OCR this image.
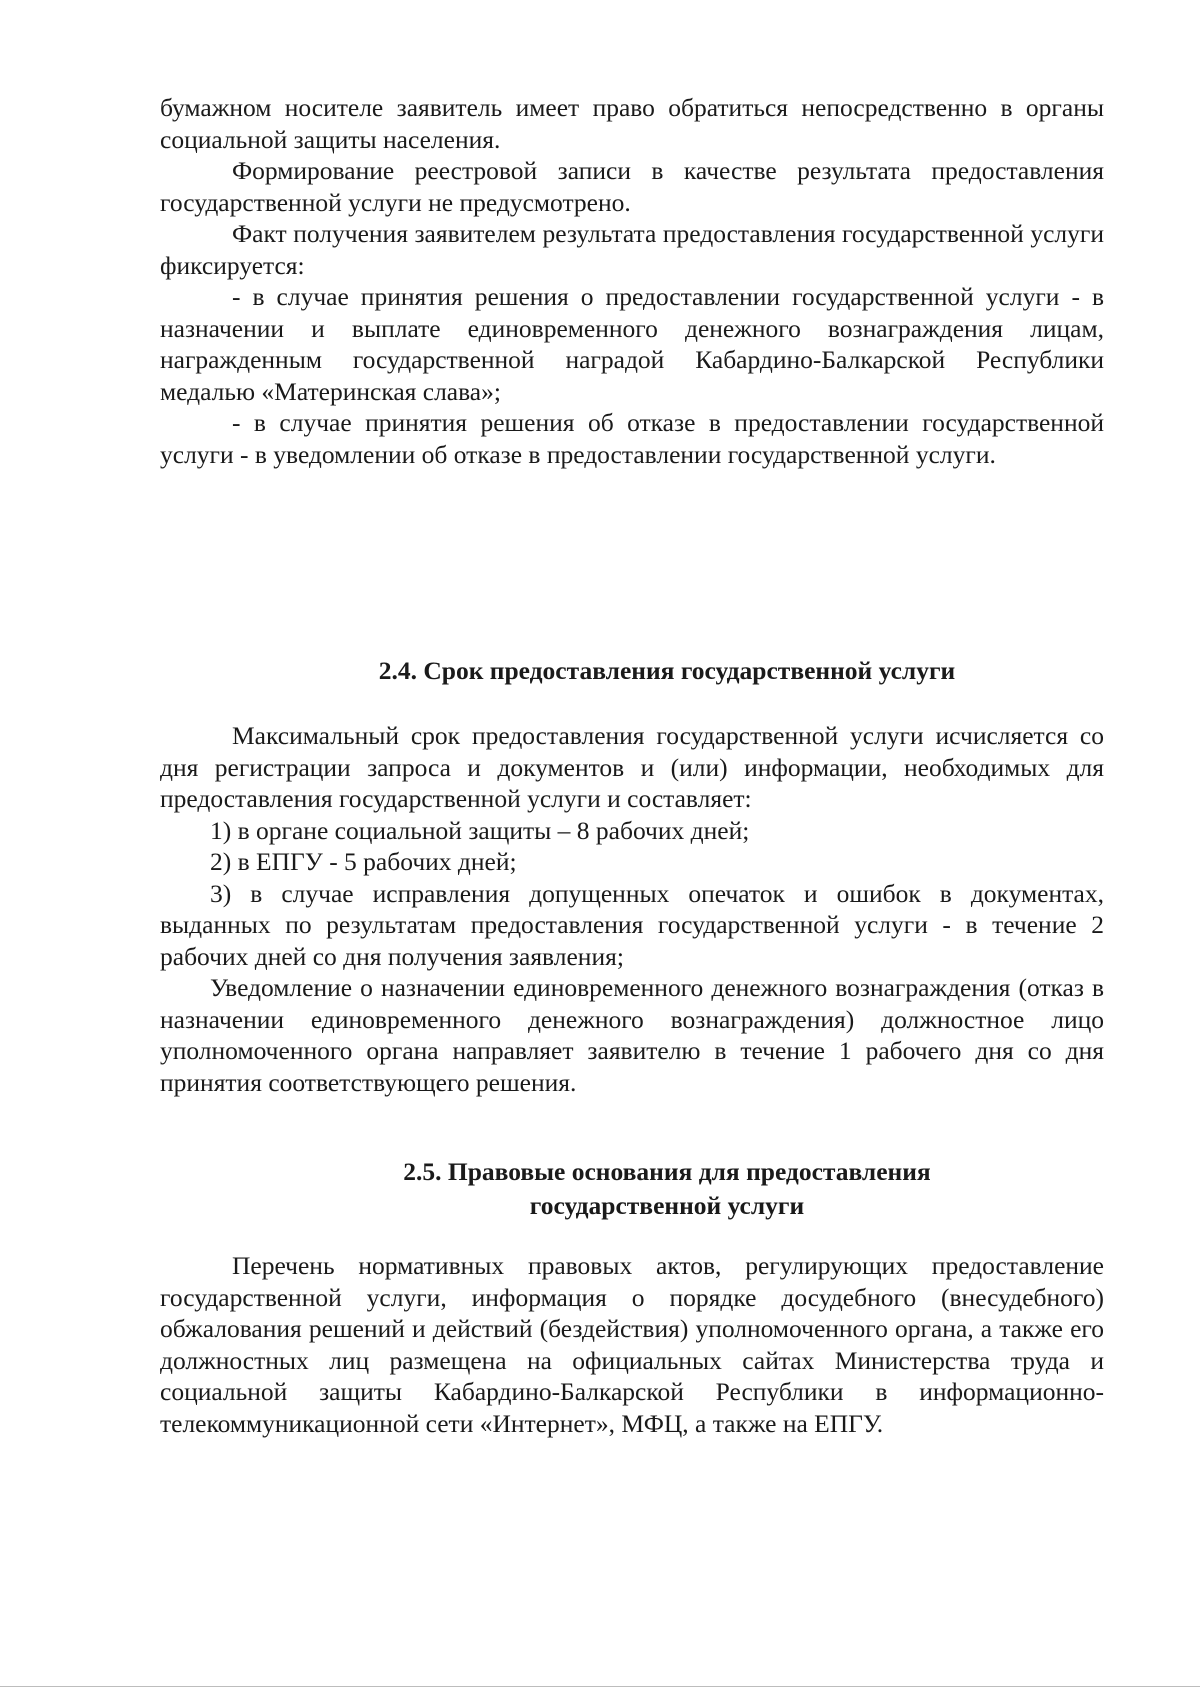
бумажном носителе заявитель имеет право обратиться непосредственно в органы социальной защиты населения.

Формирование реестровой записи в качестве результата предоставления государственной услуги не предусмотрено.

Факт получения заявителем результата предоставления государственной услуги фиксируется:

- в случае принятия решения о предоставлении государственной услуги - в назначении и выплате единовременного денежного вознаграждения лицам, награжденным государственной наградой Кабардино-Балкарской Республики медалью «Материнская слава»;

- в случае принятия решения об отказе в предоставлении государственной услуги - в уведомлении об отказе в предоставлении государственной услуги.

2.4. Срок предоставления государственной услуги

Максимальный срок предоставления государственной услуги исчисляется со дня регистрации запроса и документов и (или) информации, необходимых для предоставления государственной услуги и составляет:

1) в органе социальной защиты – 8 рабочих дней;

2) в ЕПГУ - 5 рабочих дней;

3) в случае исправления допущенных опечаток и ошибок в документах, выданных по результатам предоставления государственной услуги - в течение 2 рабочих дней со дня получения заявления;

Уведомление о назначении единовременного денежного вознаграждения (отказ в назначении единовременного денежного вознаграждения) должностное лицо уполномоченного органа направляет заявителю в течение 1 рабочего дня со дня принятия соответствующего решения.

2.5. Правовые основания для предоставления
государственной услуги

Перечень нормативных правовых актов, регулирующих предоставление государственной услуги, информация о порядке досудебного (внесудебного) обжалования решений и действий (бездействия) уполномоченного органа, а также его должностных лиц размещена на официальных сайтах Министерства труда и социальной защиты Кабардино-Балкарской Республики в информационно-телекоммуникационной сети «Интернет», МФЦ, а также на ЕПГУ.
